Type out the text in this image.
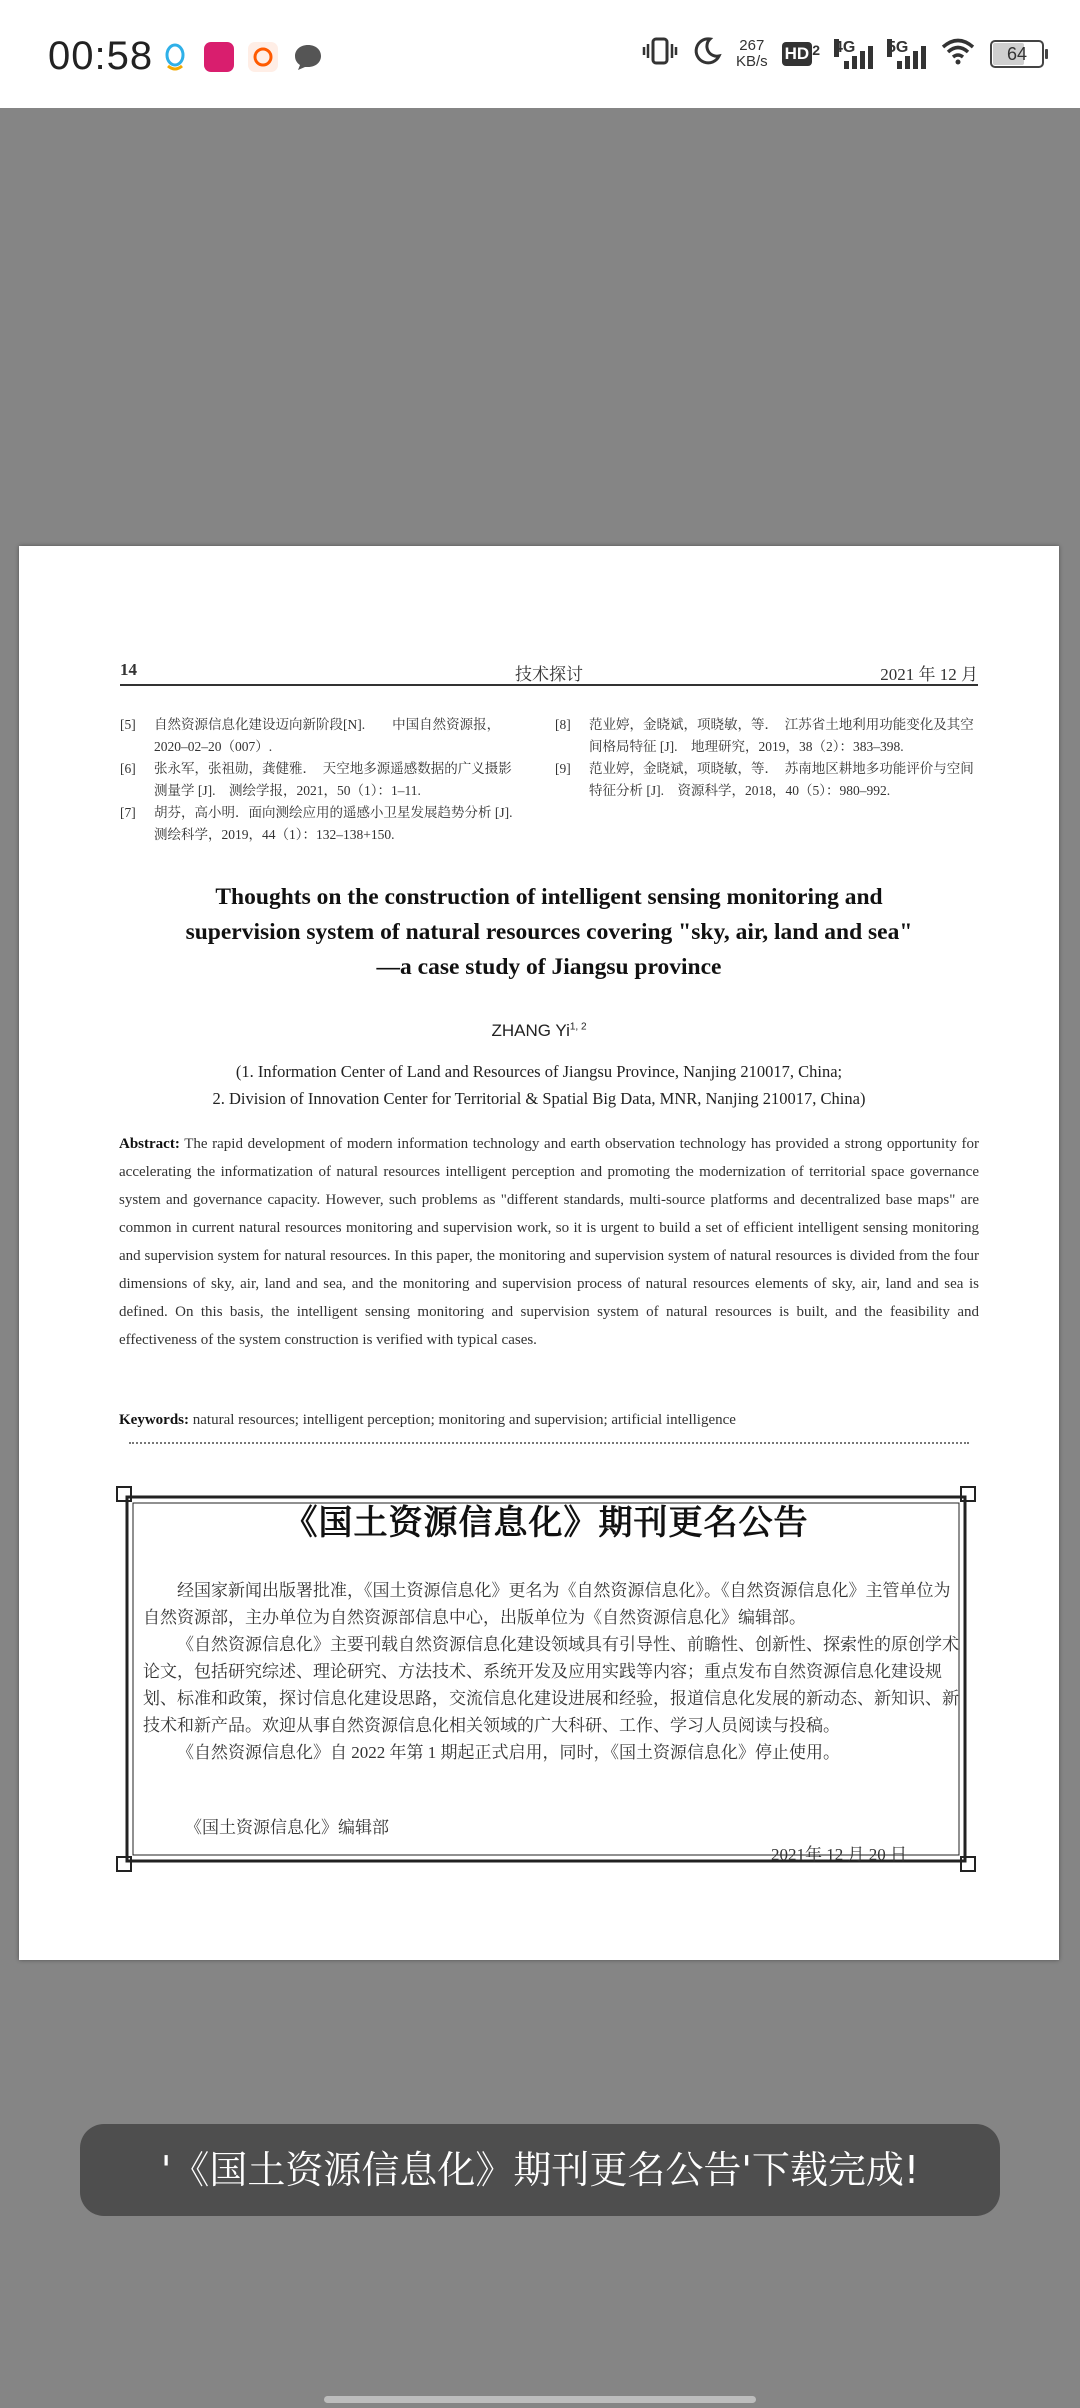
00:58	267
KB/s HD 2 4G 5G	64
14	技术探讨	2021 年 12 月
[5]	自然资源信息化建设迈向新阶段[N].　　中国自然资源报，2020–02–20（007）.
[6]	张永军，张祖勋，龚健雅．　天空地多源遥感数据的广义摄影测量学 [J].　测绘学报，2021，50（1）：1–11.
[7]	胡芬，高小明．面向测绘应用的遥感小卫星发展趋势分析 [J].　测绘科学，2019，44（1）：132–138+150.
[8]	范业婷，金晓斌，项晓敏，等．　江苏省土地利用功能变化及其空间格局特征 [J].　地理研究，2019，38（2）：383–398.
[9]	范业婷，金晓斌，项晓敏，等．　苏南地区耕地多功能评价与空间特征分析 [J].　资源科学，2018，40（5）：980–992.
Thoughts on the construction of intelligent sensing monitoring and
supervision system of natural resources covering "sky, air, land and sea"
—a case study of Jiangsu province
ZHANG Yi$^{1, 2}$
(1. Information Center of Land and Resources of Jiangsu Province, Nanjing 210017, China;
2. Division of Innovation Center for Territorial & Spatial Big Data, MNR, Nanjing 210017, China)
Abstract: The rapid development of modern information technology and earth observation technology has provided a strong opportunity for accelerating the informatization of natural resources intelligent perception and promoting the modernization of territorial space governance system and governance capacity. However, such problems as "different standards, multi-source platforms and decentralized base maps" are common in current natural resources monitoring and supervision work, so it is urgent to build a set of efficient intelligent sensing monitoring and supervision system for natural resources. In this paper, the monitoring and supervision system of natural resources is divided from the four dimensions of sky, air, land and sea, and the monitoring and supervision process of natural resources elements of sky, air, land and sea is defined. On this basis, the intelligent sensing monitoring and supervision system of natural resources is built, and the feasibility and effectiveness of the system construction is verified with typical cases.
Keywords: natural resources; intelligent perception; monitoring and supervision; artificial intelligence
《国土资源信息化》期刊更名公告

经国家新闻出版署批准，《国土资源信息化》更名为《自然资源信息化》。《自然资源信息化》主管单位为自然资源部，主办单位为自然资源部信息中心，出版单位为《自然资源信息化》编辑部。

《自然资源信息化》主要刊载自然资源信息化建设领域具有引导性、前瞻性、创新性、探索性的原创学术论文，包括研究综述、理论研究、方法技术、系统开发及应用实践等内容；重点发布自然资源信息化建设规划、标准和政策，探讨信息化建设思路，交流信息化建设进展和经验，报道信息化发展的新动态、新知识、新技术和新产品。欢迎从事自然资源信息化相关领域的广大科研、工作、学习人员阅读与投稿。

《自然资源信息化》自 2022 年第 1 期起正式启用，同时，《国土资源信息化》停止使用。

《国土资源信息化》编辑部
2021年 12 月 20 日
'《国土资源信息化》期刊更名公告'下载完成!
